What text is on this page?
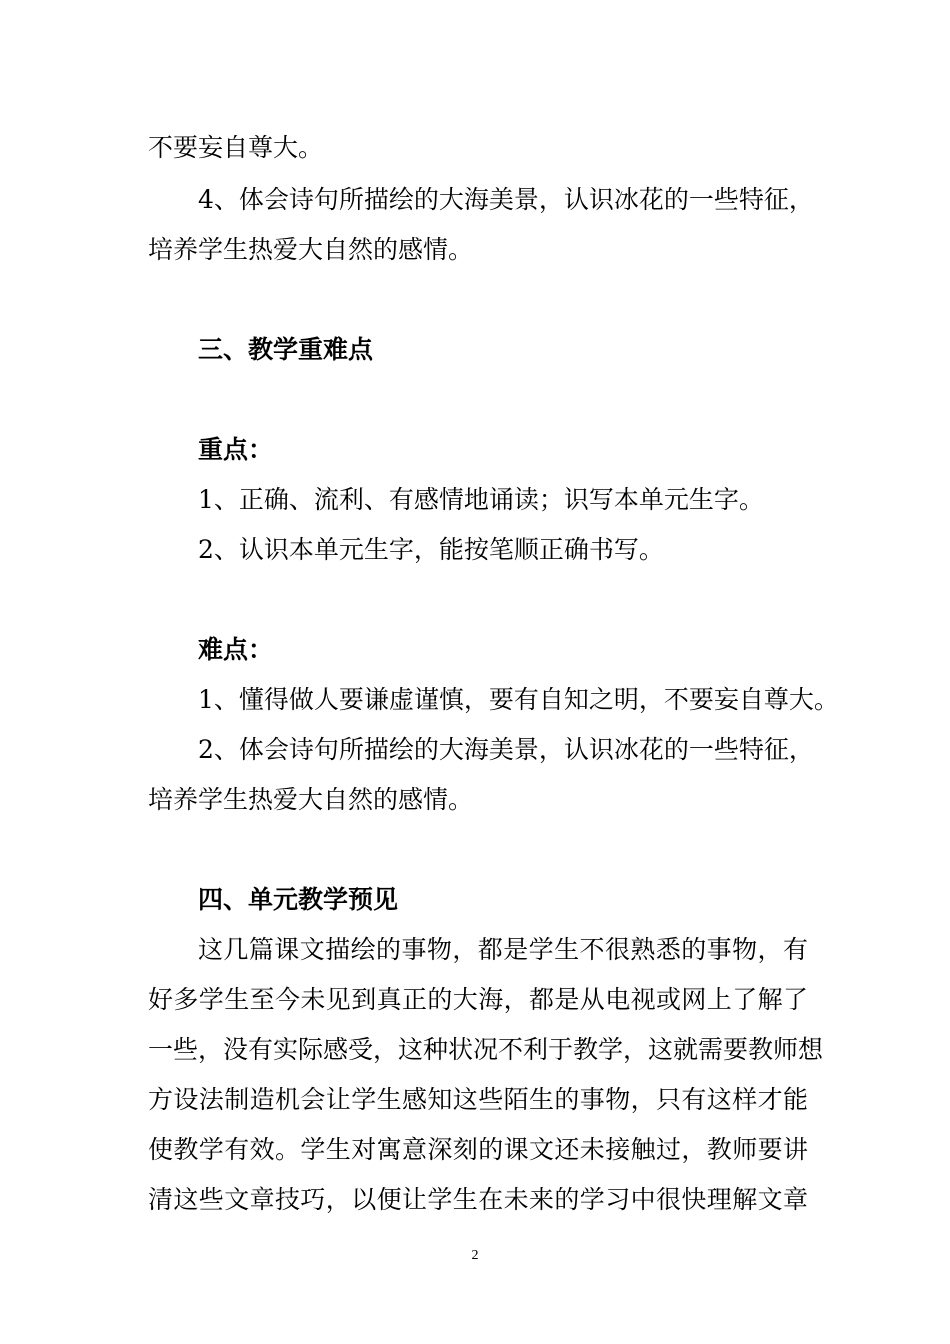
不要妄自尊大。
4、体会诗句所描绘的大海美景，认识冰花的一些特征，
培养学生热爱大自然的感情。
三、教学重难点
重点：
1、正确、流利、有感情地诵读；识写本单元生字。
2、认识本单元生字，能按笔顺正确书写。
难点：
1、懂得做人要谦虚谨慎，要有自知之明，不要妄自尊大。
2、体会诗句所描绘的大海美景，认识冰花的一些特征，
培养学生热爱大自然的感情。
四、单元教学预见
这几篇课文描绘的事物，都是学生不很熟悉的事物，有
好多学生至今未见到真正的大海，都是从电视或网上了解了
一些，没有实际感受，这种状况不利于教学，这就需要教师想
方设法制造机会让学生感知这些陌生的事物，只有这样才能
使教学有效。学生对寓意深刻的课文还未接触过，教师要讲
清这些文章技巧，以便让学生在未来的学习中很快理解文章
2
